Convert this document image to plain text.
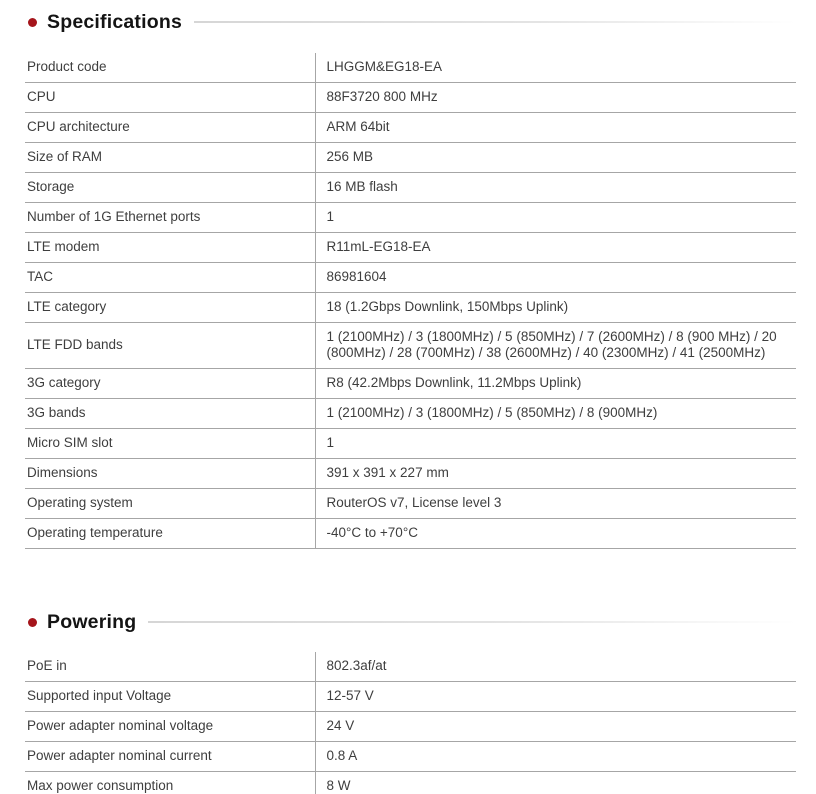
Specifications
Product code	LHGGM&EG18-EA
CPU	88F3720 800 MHz
CPU architecture	ARM 64bit
Size of RAM	256 MB
Storage	16 MB flash
Number of 1G Ethernet ports	1
LTE modem	R11mL-EG18-EA
TAC	86981604
LTE category	18 (1.2Gbps Downlink, 150Mbps Uplink)
LTE FDD bands	1 (2100MHz) / 3 (1800MHz) / 5 (850MHz) / 7 (2600MHz) / 8 (900 MHz) / 20 (800MHz) / 28 (700MHz) / 38 (2600MHz) / 40 (2300MHz) / 41 (2500MHz)
3G category	R8 (42.2Mbps Downlink, 11.2Mbps Uplink)
3G bands	1 (2100MHz) / 3 (1800MHz) / 5 (850MHz) / 8 (900MHz)
Micro SIM slot	1
Dimensions	391 x 391 x 227 mm
Operating system	RouterOS v7, License level 3
Operating temperature	-40°C to +70°C
Powering
PoE in	802.3af/at
Supported input Voltage	12-57 V
Power adapter nominal voltage	24 V
Power adapter nominal current	0.8 A
Max power consumption	8 W
